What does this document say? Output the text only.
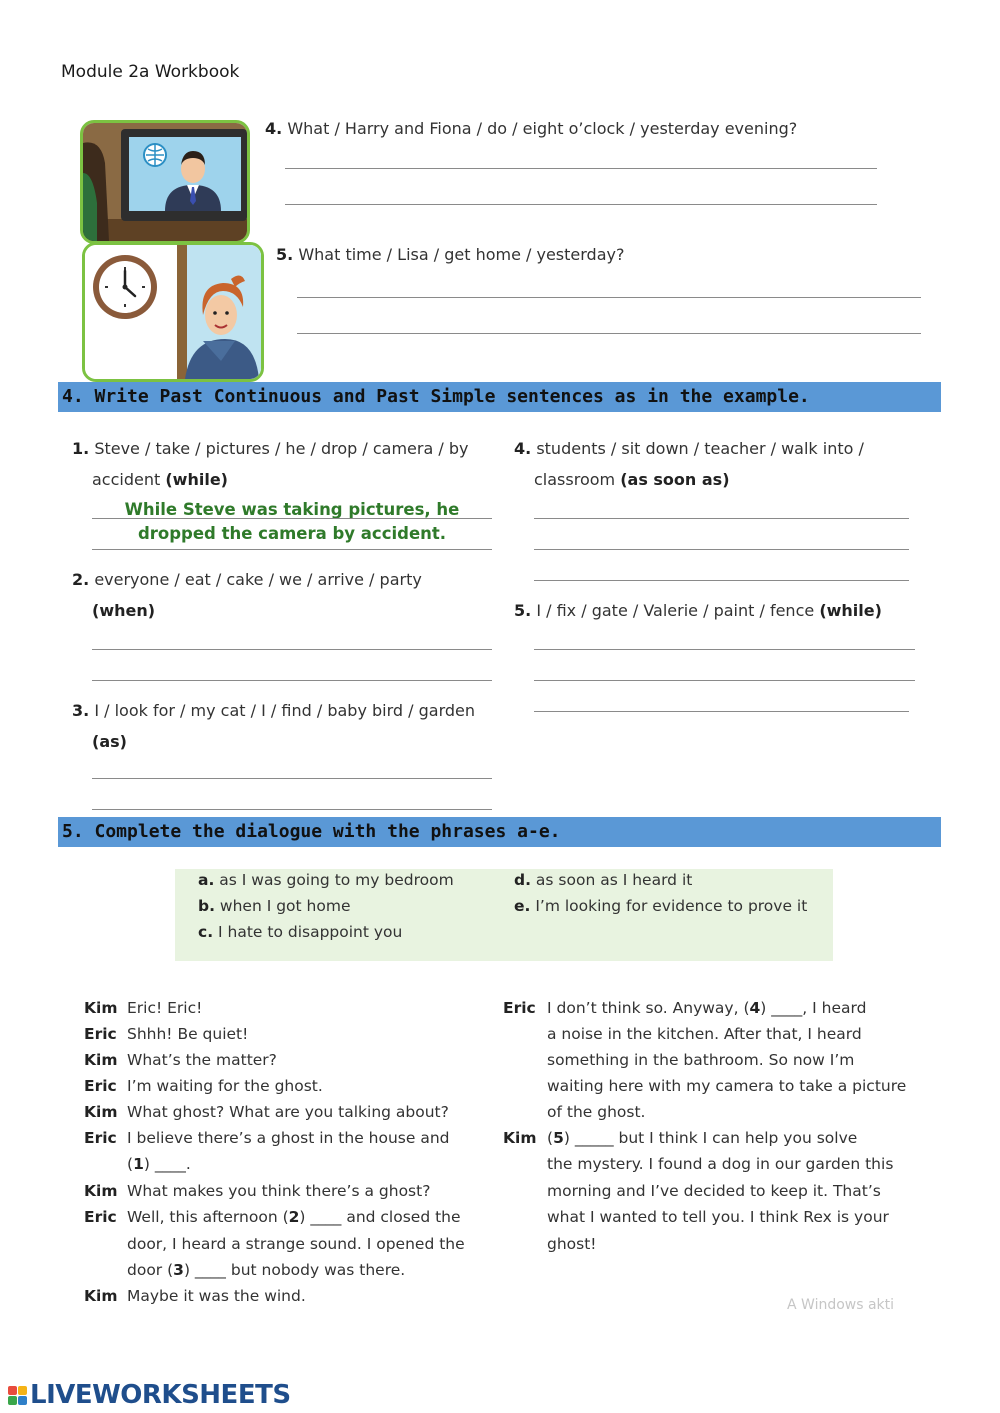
Module 2a Workbook
4. What / Harry and Fiona / do / eight o’clock / yesterday evening?
5. What time / Lisa / get home / yesterday?
4. Write Past Continuous and Past Simple sentences as in the example.
1. Steve / take / pictures / he / drop / camera / by
accident (while)
While Steve was taking pictures, he
dropped the camera by accident.
2. everyone / eat / cake / we / arrive / party
(when)
3. I / look for / my cat / I / find / baby bird / garden
(as)
4. students / sit down / teacher / walk into /
classroom (as soon as)
5. I / fix / gate / Valerie / paint / fence (while)
5. Complete the dialogue with the phrases a-e.
a. as I was going to my bedroom
b. when I got home
c. I hate to disappoint you
d. as soon as I heard it
e. I’m looking for evidence to prove it
Kim Eric! Eric!
Eric Shhh! Be quiet!
Kim What’s the matter?
Eric I’m waiting for the ghost.
Kim What ghost? What are you talking about?
Eric I believe there’s a ghost in the house and
(1) ____.
Kim What makes you think there’s a ghost?
Eric Well, this afternoon (2) ____ and closed the
door, I heard a strange sound. I opened the
door (3) ____ but nobody was there.
Kim Maybe it was the wind.
Eric I don’t think so. Anyway, (4) ____, I heard
a noise in the kitchen. After that, I heard
something in the bathroom. So now I’m
waiting here with my camera to take a picture
of the ghost.
Kim (5) _____ but I think I can help you solve
the mystery. I found a dog in our garden this
morning and I’ve decided to keep it. That’s
what I wanted to tell you. I think Rex is your
ghost!
A Windows akti
LIVEWORKSHEETS
